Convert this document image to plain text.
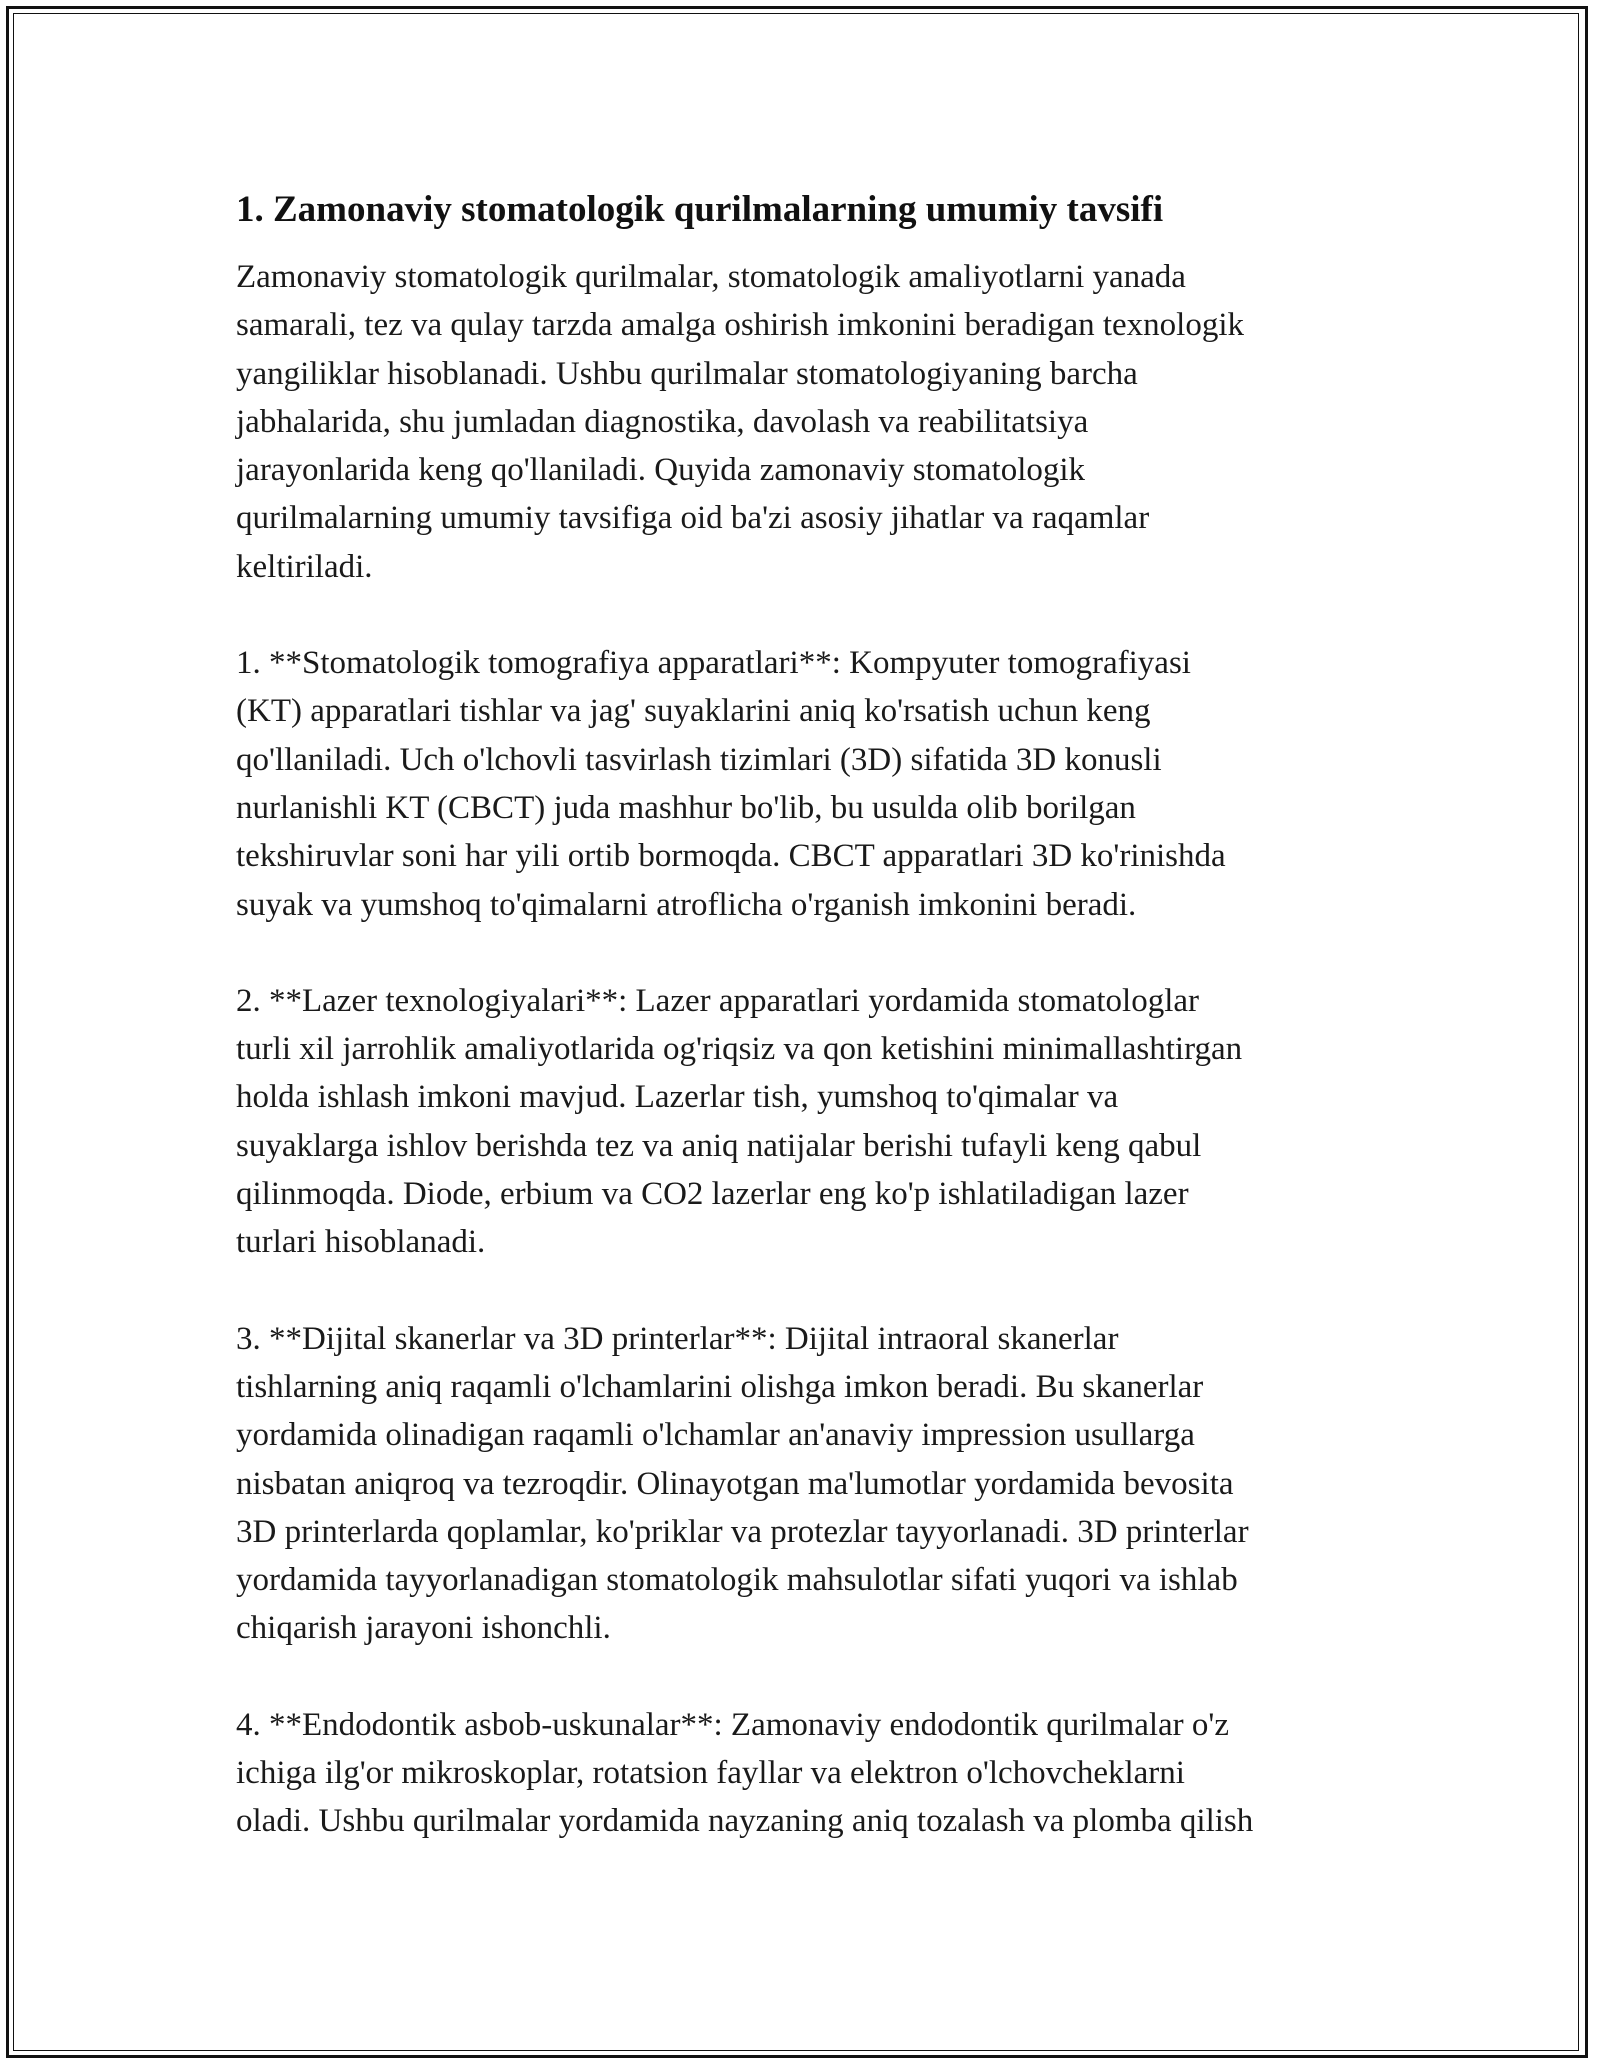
1. Zamonaviy stomatologik qurilmalarning umumiy tavsifi

Zamonaviy stomatologik qurilmalar, stomatologik amaliyotlarni yanada
samarali, tez va qulay tarzda amalga oshirish imkonini beradigan texnologik
yangiliklar hisoblanadi. Ushbu qurilmalar stomatologiyaning barcha
jabhalarida, shu jumladan diagnostika, davolash va reabilitatsiya
jarayonlarida keng qo'llaniladi. Quyida zamonaviy stomatologik
qurilmalarning umumiy tavsifiga oid ba'zi asosiy jihatlar va raqamlar
keltiriladi.

1. **Stomatologik tomografiya apparatlari**: Kompyuter tomografiyasi
(KT) apparatlari tishlar va jag' suyaklarini aniq ko'rsatish uchun keng
qo'llaniladi. Uch o'lchovli tasvirlash tizimlari (3D) sifatida 3D konusli
nurlanishli KT (CBCT) juda mashhur bo'lib, bu usulda olib borilgan
tekshiruvlar soni har yili ortib bormoqda. CBCT apparatlari 3D ko'rinishda
suyak va yumshoq to'qimalarni atroflicha o'rganish imkonini beradi.

2. **Lazer texnologiyalari**: Lazer apparatlari yordamida stomatologlar
turli xil jarrohlik amaliyotlarida og'riqsiz va qon ketishini minimallashtirgan
holda ishlash imkoni mavjud. Lazerlar tish, yumshoq to'qimalar va
suyaklarga ishlov berishda tez va aniq natijalar berishi tufayli keng qabul
qilinmoqda. Diode, erbium va CO2 lazerlar eng ko'p ishlatiladigan lazer
turlari hisoblanadi.

3. **Dijital skanerlar va 3D printerlar**: Dijital intraoral skanerlar
tishlarning aniq raqamli o'lchamlarini olishga imkon beradi. Bu skanerlar
yordamida olinadigan raqamli o'lchamlar an'anaviy impression usullarga
nisbatan aniqroq va tezroqdir. Olinayotgan ma'lumotlar yordamida bevosita
3D printerlarda qoplamlar, ko'priklar va protezlar tayyorlanadi. 3D printerlar
yordamida tayyorlanadigan stomatologik mahsulotlar sifati yuqori va ishlab
chiqarish jarayoni ishonchli.

4. **Endodontik asbob-uskunalar**: Zamonaviy endodontik qurilmalar o'z
ichiga ilg'or mikroskoplar, rotatsion fayllar va elektron o'lchovcheklarni
oladi. Ushbu qurilmalar yordamida nayzaning aniq tozalash va plomba qilish
